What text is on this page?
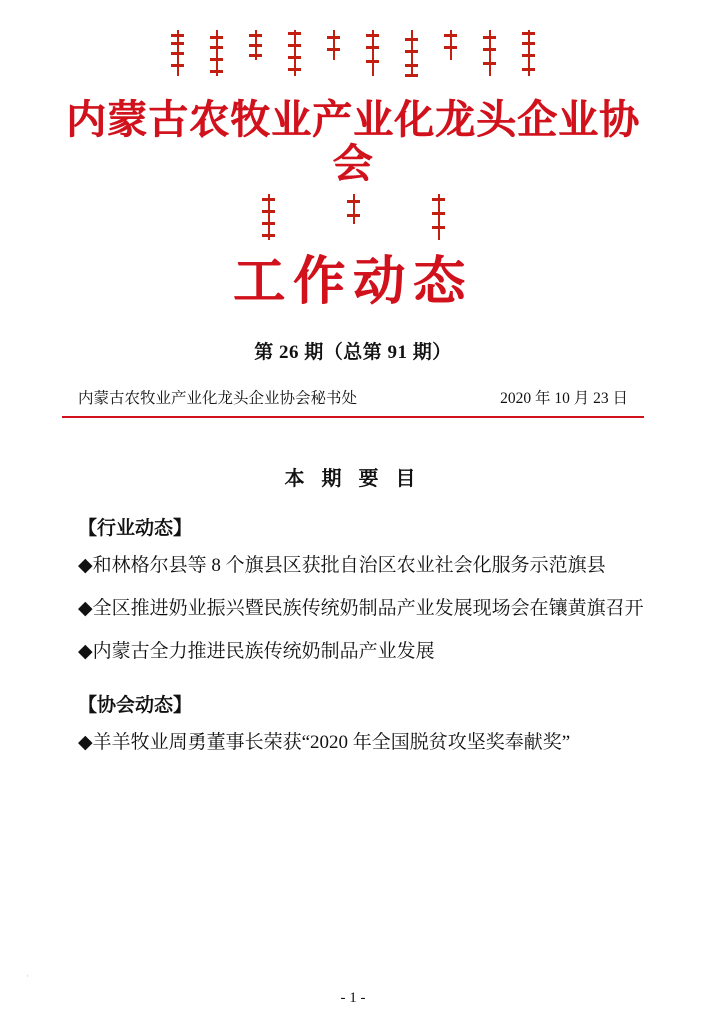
内蒙古农牧业产业化龙头企业协会
工作动态
第 26 期（总第 91 期）
内蒙古农牧业产业化龙头企业协会秘书处	2020 年 10 月 23 日
本 期 要 目
【行业动态】
◆和林格尔县等 8 个旗县区获批自治区农业社会化服务示范旗县
◆全区推进奶业振兴暨民族传统奶制品产业发展现场会在镶黄旗召开
◆内蒙古全力推进民族传统奶制品产业发展
【协会动态】
◆羊羊牧业周勇董事长荣获“2020 年全国脱贫攻坚奖奉献奖”
·
- 1 -
